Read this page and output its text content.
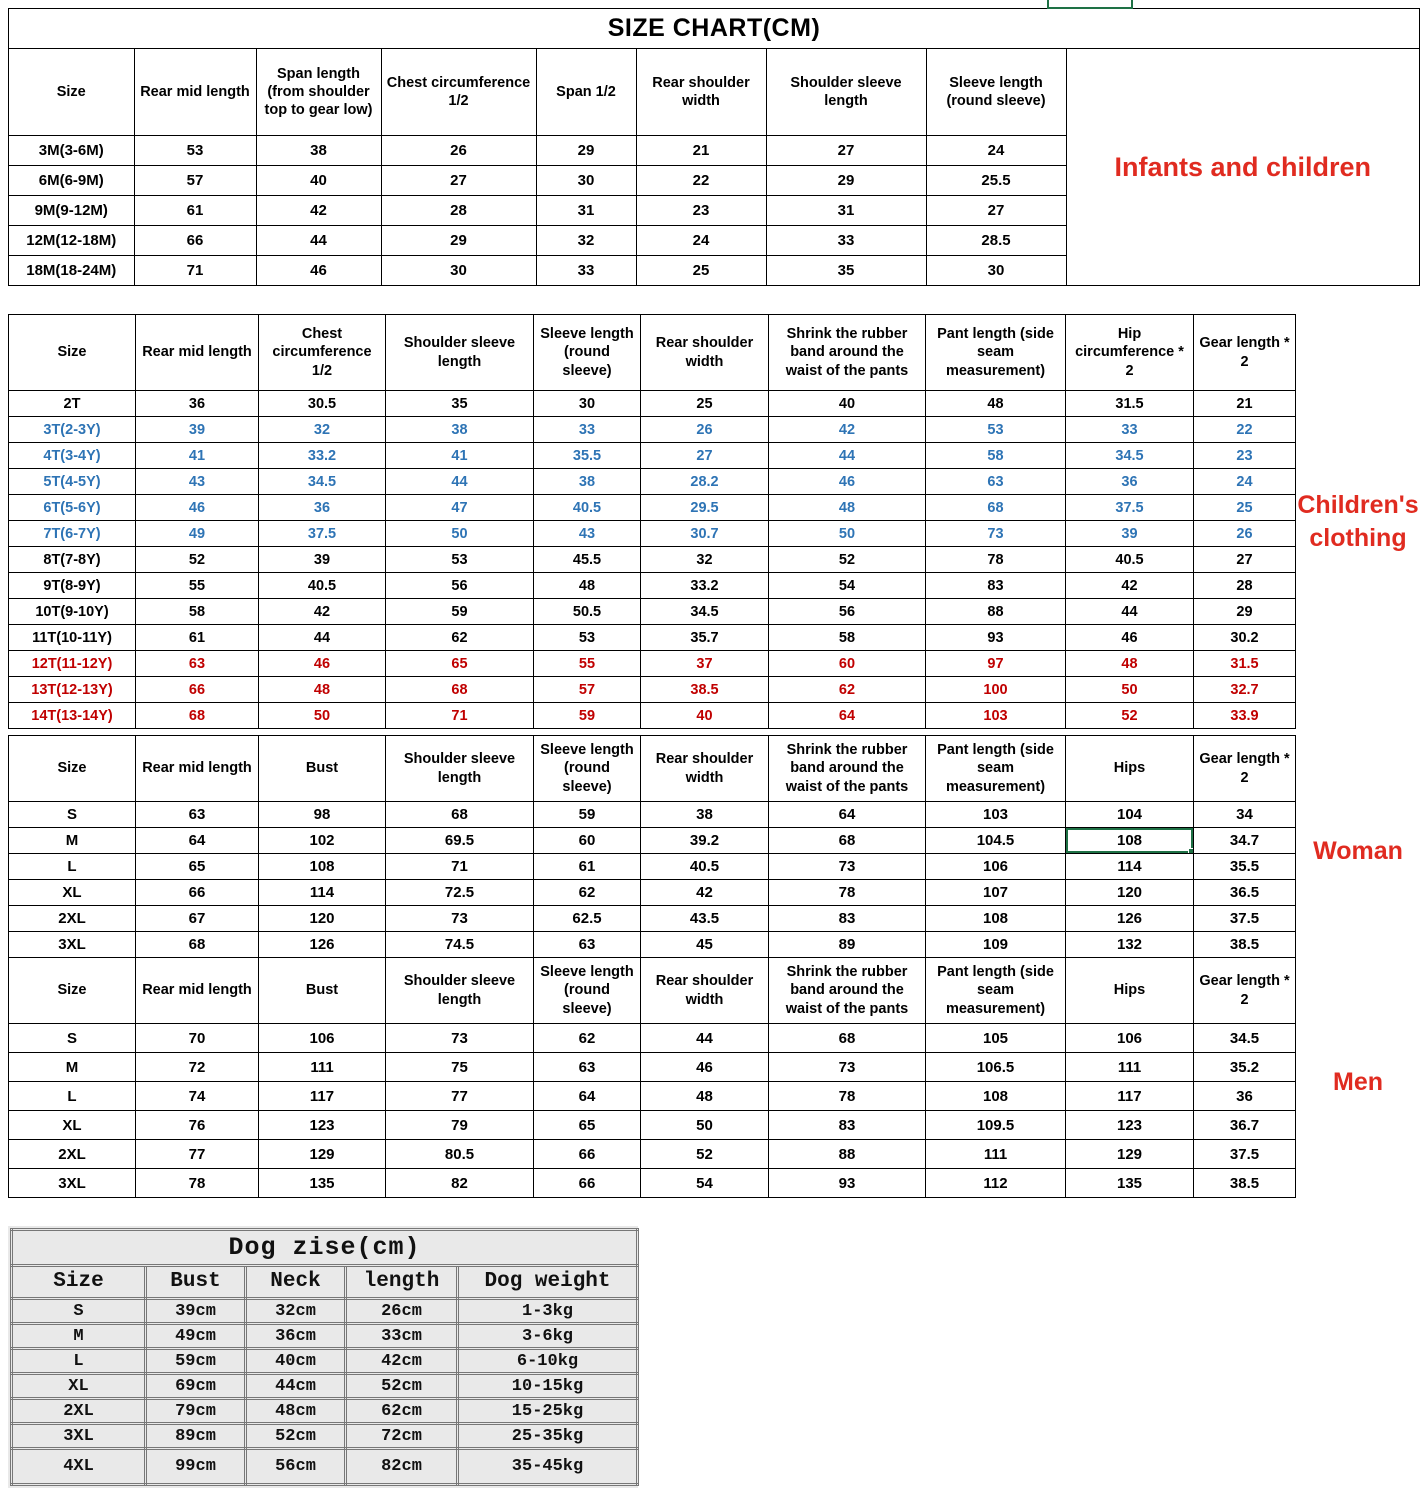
SIZE CHART(CM)
Size	Rear mid length	Span length (from shoulder top to gear low)	Chest circumference 1/2	Span 1/2	Rear shoulder width	Shoulder sleeve length	Sleeve length (round sleeve)
3M(3-6M)	53	38	26	29	21	27	24
6M(6-9M)	57	40	27	30	22	29	25.5
9M(9-12M)	61	42	28	31	23	31	27
12M(12-18M)	66	44	29	32	24	33	28.5
18M(18-24M)	71	46	30	33	25	35	30
Infants and children
Size	Rear mid length	Chest circumference 1/2	Shoulder sleeve length	Sleeve length (round sleeve)	Rear shoulder width	Shrink the rubber band around the waist of the pants	Pant length (side seam measurement)	Hip circumference * 2	Gear length * 2
2T	36	30.5	35	30	25	40	48	31.5	21
3T(2-3Y)	39	32	38	33	26	42	53	33	22
4T(3-4Y)	41	33.2	41	35.5	27	44	58	34.5	23
5T(4-5Y)	43	34.5	44	38	28.2	46	63	36	24
6T(5-6Y)	46	36	47	40.5	29.5	48	68	37.5	25
7T(6-7Y)	49	37.5	50	43	30.7	50	73	39	26
8T(7-8Y)	52	39	53	45.5	32	52	78	40.5	27
9T(8-9Y)	55	40.5	56	48	33.2	54	83	42	28
10T(9-10Y)	58	42	59	50.5	34.5	56	88	44	29
11T(10-11Y)	61	44	62	53	35.7	58	93	46	30.2
12T(11-12Y)	63	46	65	55	37	60	97	48	31.5
13T(12-13Y)	66	48	68	57	38.5	62	100	50	32.7
14T(13-14Y)	68	50	71	59	40	64	103	52	33.9
Children's clothing
Size	Rear mid length	Bust	Shoulder sleeve length	Sleeve length (round sleeve)	Rear shoulder width	Shrink the rubber band around the waist of the pants	Pant length (side seam measurement)	Hips	Gear length * 2
S	63	98	68	59	38	64	103	104	34
M	64	102	69.5	60	39.2	68	104.5	108	34.7
L	65	108	71	61	40.5	73	106	114	35.5
XL	66	114	72.5	62	42	78	107	120	36.5
2XL	67	120	73	62.5	43.5	83	108	126	37.5
3XL	68	126	74.5	63	45	89	109	132	38.5
Size	Rear mid length	Bust	Shoulder sleeve length	Sleeve length (round sleeve)	Rear shoulder width	Shrink the rubber band around the waist of the pants	Pant length (side seam measurement)	Hips	Gear length * 2
S	70	106	73	62	44	68	105	106	34.5
M	72	111	75	63	46	73	106.5	111	35.2
L	74	117	77	64	48	78	108	117	36
XL	76	123	79	65	50	83	109.5	123	36.7
2XL	77	129	80.5	66	52	88	111	129	37.5
3XL	78	135	82	66	54	93	112	135	38.5
Woman
Men
Dog zise(cm)				
Size	Bust	Neck	length	Dog weight
S	39cm	32cm	26cm	1-3kg
M	49cm	36cm	33cm	3-6kg
L	59cm	40cm	42cm	6-10kg
XL	69cm	44cm	52cm	10-15kg
2XL	79cm	48cm	62cm	15-25kg
3XL	89cm	52cm	72cm	25-35kg
4XL	99cm	56cm	82cm	35-45kg
